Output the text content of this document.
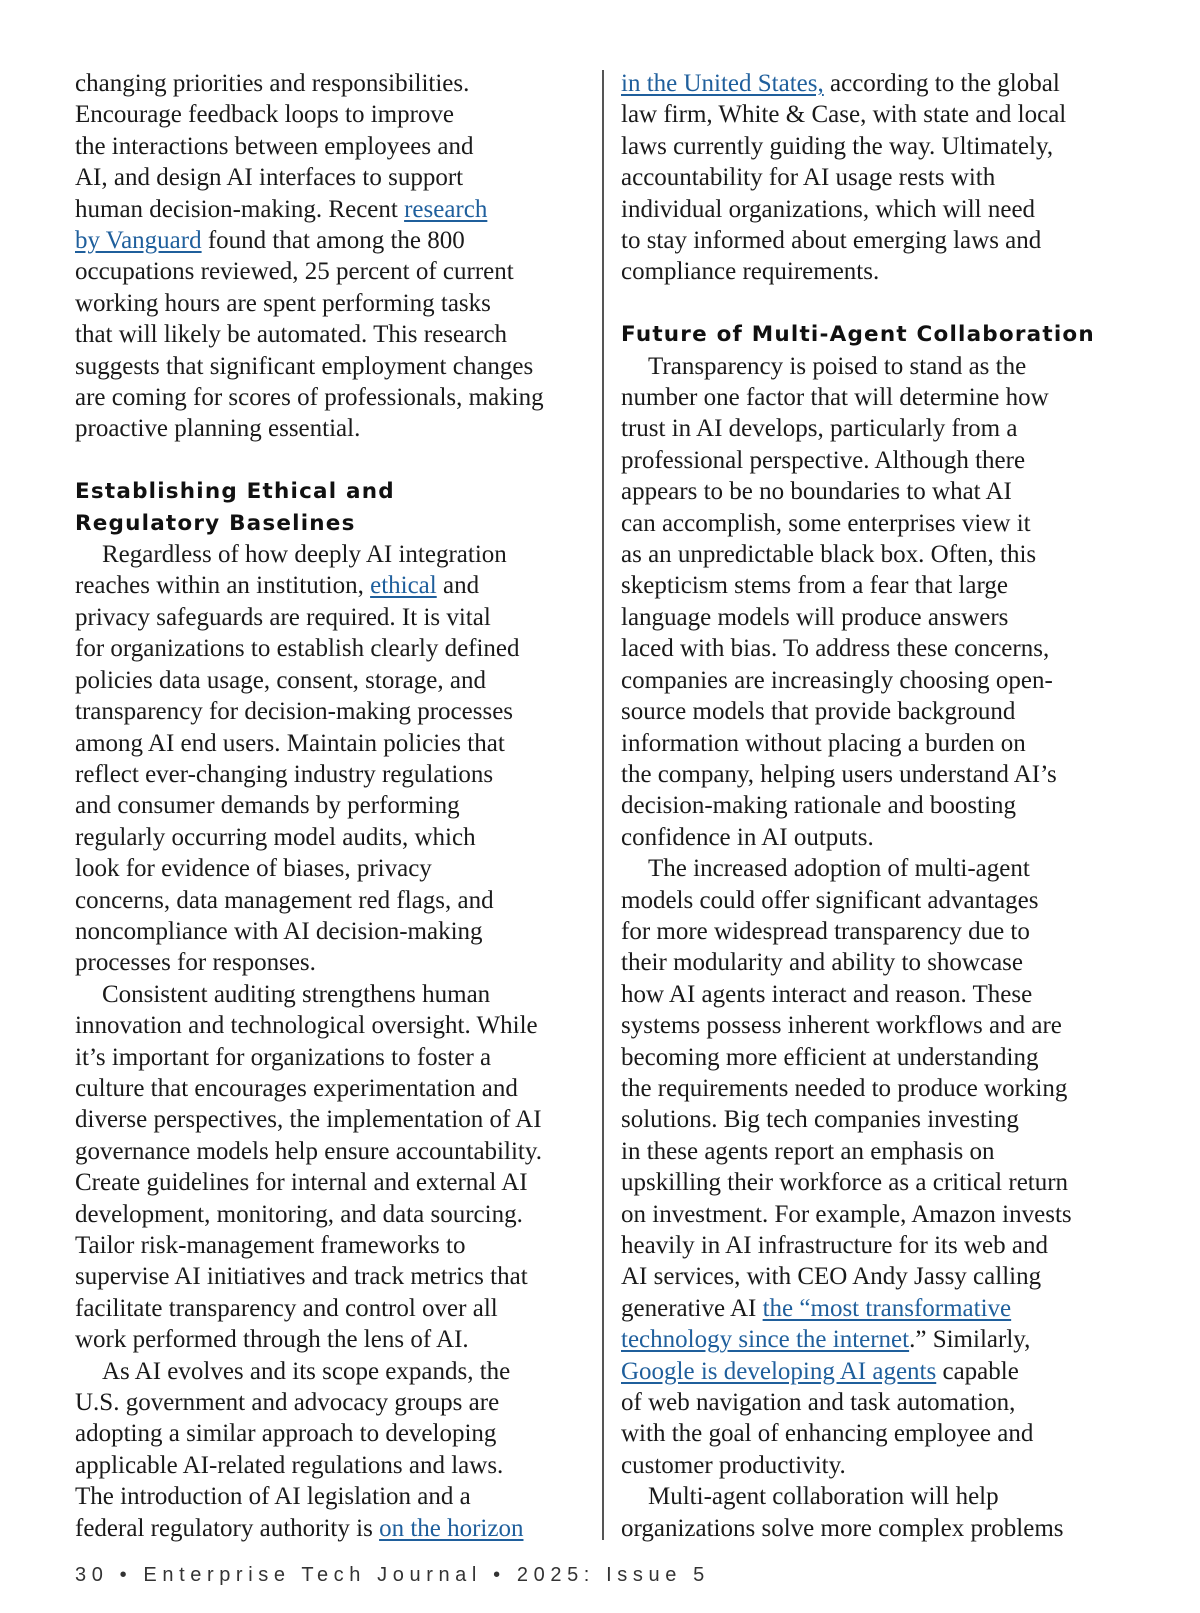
changing priorities and responsibilities.
Encourage feedback loops to improve
the interactions between employees and
AI, and design AI interfaces to support
human decision-making. Recent research
by Vanguard found that among the 800
occupations reviewed, 25 percent of current
working hours are spent performing tasks
that will likely be automated. This research
suggests that significant employment changes
are coming for scores of professionals, making
proactive planning essential.
Establishing Ethical and
Regulatory Baselines
Regardless of how deeply AI integration
reaches within an institution, ethical and
privacy safeguards are required. It is vital
for organizations to establish clearly defined
policies data usage, consent, storage, and
transparency for decision-making processes
among AI end users. Maintain policies that
reflect ever-changing industry regulations
and consumer demands by performing
regularly occurring model audits, which
look for evidence of biases, privacy
concerns, data management red flags, and
noncompliance with AI decision-making
processes for responses.
Consistent auditing strengthens human
innovation and technological oversight. While
it’s important for organizations to foster a
culture that encourages experimentation and
diverse perspectives, the implementation of AI
governance models help ensure accountability.
Create guidelines for internal and external AI
development, monitoring, and data sourcing.
Tailor risk-management frameworks to
supervise AI initiatives and track metrics that
facilitate transparency and control over all
work performed through the lens of AI.
As AI evolves and its scope expands, the
U.S. government and advocacy groups are
adopting a similar approach to developing
applicable AI-related regulations and laws.
The introduction of AI legislation and a
federal regulatory authority is on the horizon
in the United States, according to the global
law firm, White & Case, with state and local
laws currently guiding the way. Ultimately,
accountability for AI usage rests with
individual organizations, which will need
to stay informed about emerging laws and
compliance requirements.
Future of Multi-Agent Collaboration
Transparency is poised to stand as the
number one factor that will determine how
trust in AI develops, particularly from a
professional perspective. Although there
appears to be no boundaries to what AI
can accomplish, some enterprises view it
as an unpredictable black box. Often, this
skepticism stems from a fear that large
language models will produce answers
laced with bias. To address these concerns,
companies are increasingly choosing open-
source models that provide background
information without placing a burden on
the company, helping users understand AI’s
decision-making rationale and boosting
confidence in AI outputs.
The increased adoption of multi-agent
models could offer significant advantages
for more widespread transparency due to
their modularity and ability to showcase
how AI agents interact and reason. These
systems possess inherent workflows and are
becoming more efficient at understanding
the requirements needed to produce working
solutions. Big tech companies investing
in these agents report an emphasis on
upskilling their workforce as a critical return
on investment. For example, Amazon invests
heavily in AI infrastructure for its web and
AI services, with CEO Andy Jassy calling
generative AI the “most transformative
technology since the internet.” Similarly,
Google is developing AI agents capable
of web navigation and task automation,
with the goal of enhancing employee and
customer productivity.
Multi-agent collaboration will help
organizations solve more complex problems
30 • Enterprise Tech Journal • 2025: Issue 5
